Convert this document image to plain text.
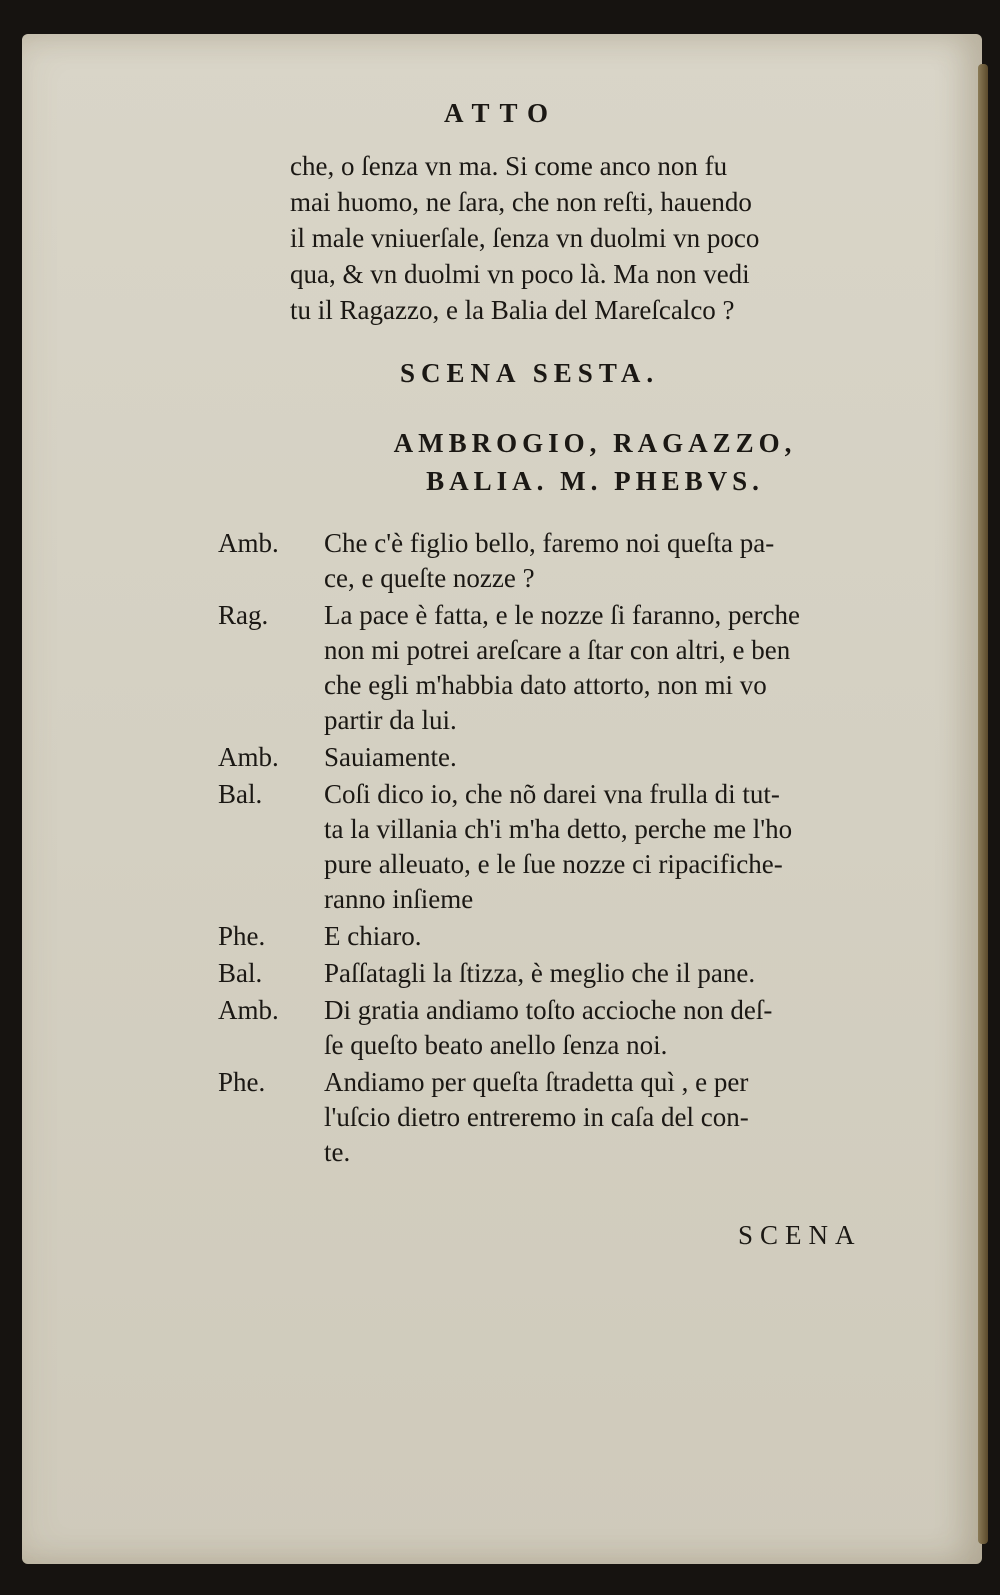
ATTO
che, o ſenza vn ma. Si come anco non fu
mai huomo, ne ſara, che non reſti, hauendo
il male vniuerſale, ſenza vn duolmi vn poco
qua, & vn duolmi vn poco là. Ma non vedi
tu il Ragazzo, e la Balia del Mareſcalco ?
SCENA SESTA.
AMBROGIO, RAGAZZO,
BALIA. M. PHEBVS.
Amb.	Che c'è figlio bello, faremo noi queſta pa-
ce, e queſte nozze ?
Rag.	La pace è fatta, e le nozze ſi faranno, perche
non mi potrei areſcare a ſtar con altri, e ben
che egli m'habbia dato attorto, non mi vo
partir da lui.
Amb.	Sauiamente.
Bal.	Coſi dico io, che nõ darei vna frulla di tut-
ta la villania ch'i m'ha detto, perche me l'ho
pure alleuato, e le ſue nozze ci ripacifiche-
ranno inſieme
Phe.	E chiaro.
Bal.	Paſſatagli la ſtizza, è meglio che il pane.
Amb.	Di gratia andiamo toſto accioche non deſ-
ſe queſto beato anello ſenza noi.
Phe.	Andiamo per queſta ſtradetta quì , e per
l'uſcio dietro entreremo in caſa del con-
te.
SCENA
